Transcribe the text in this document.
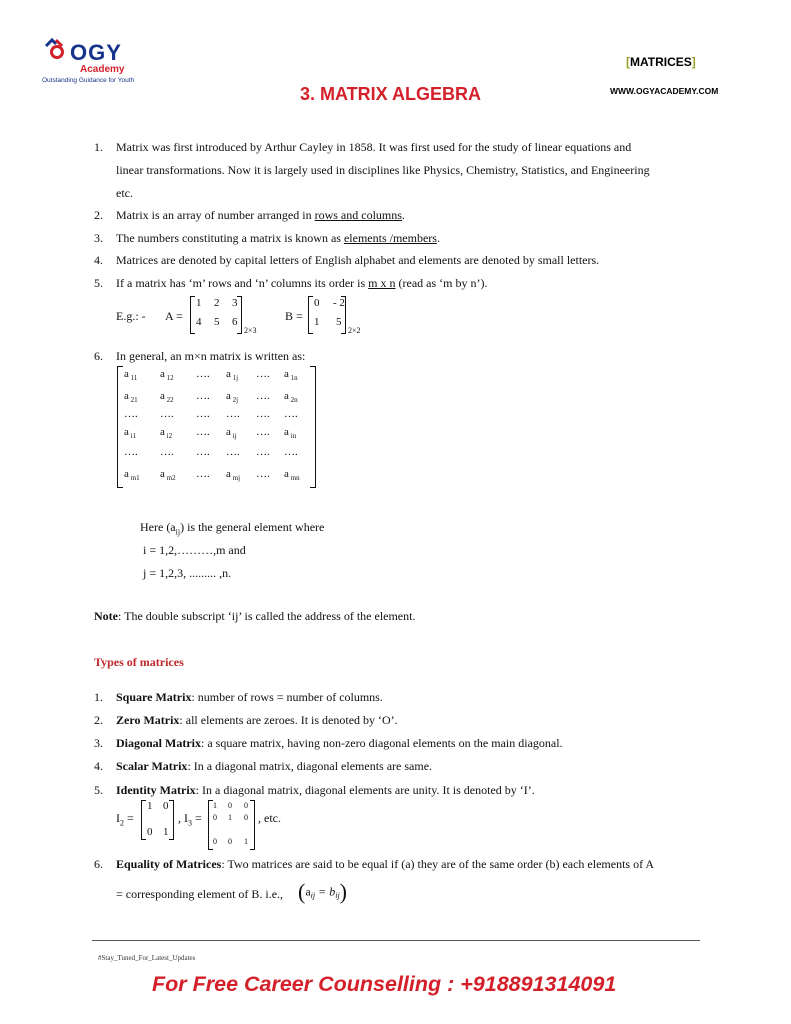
OGY
Academy
Outstanding Guidance for Youth
[MATRICES]
WWW.OGYACADEMY.COM
3. MATRIX ALGEBRA
1. Matrix was first introduced by Arthur Cayley in 1858. It was first used for the study of linear equations and
linear transformations. Now it is largely used in disciplines like Physics, Chemistry, Statistics, and Engineering
etc.
2. Matrix is an array of number arranged in rows and columns.
3. The numbers constituting a matrix is known as elements /members.
4. Matrices are denoted by capital letters of English alphabet and elements are denoted by small letters.
5. If a matrix has ‘m’ rows and ‘n’ columns its order is m x n (read as ‘m by n’).
E.g.: - A =
1 2 3
4 5 6
2×3
B =
0 - 2
1 5
2×2
6. In general, an m×n matrix is written as:
a $_{11}$ a $_{12}$ …. a $_{1j}$ …. a $_{1n}$
a $_{21}$ a $_{22}$ …. a $_{2j}$ …. a $_{2n}$
…. …. …. …. …. ….
a $_{i1}$ a $_{i2}$ …. a $_{ij}$ …. a $_{in}$
…. …. …. …. …. ….
a $_{m1}$ a $_{m2}$ …. a $_{mj}$ …. a $_{mn}$
Here $(a_{ij})$ is the general element where
i = 1,2,………,m and
j = 1,2,3, ......... ,n.
Note: The double subscript ‘ij’ is called the address of the element.
Types of matrices
1. Square Matrix: number of rows = number of columns.
2. Zero Matrix: all elements are zeroes. It is denoted by ‘O’.
3. Diagonal Matrix: a square matrix, having non-zero diagonal elements on the main diagonal.
4. Scalar Matrix: In a diagonal matrix, diagonal elements are same.
5. Identity Matrix: In a diagonal matrix, diagonal elements are unity. It is denoted by ‘I’.
$I_2$ =
1 0
0 1
, $I_3$ =
1 0 0
0 1 0
0 0 1
, etc.
6. Equality of Matrices: Two matrices are said to be equal if (a) they are of the same order (b) each elements of A
= corresponding element of B. i.e., $(a_{ij} = b_{ij})$
#Stay_Tuned_For_Latest_Updates
For Free Career Counselling : +918891314091
